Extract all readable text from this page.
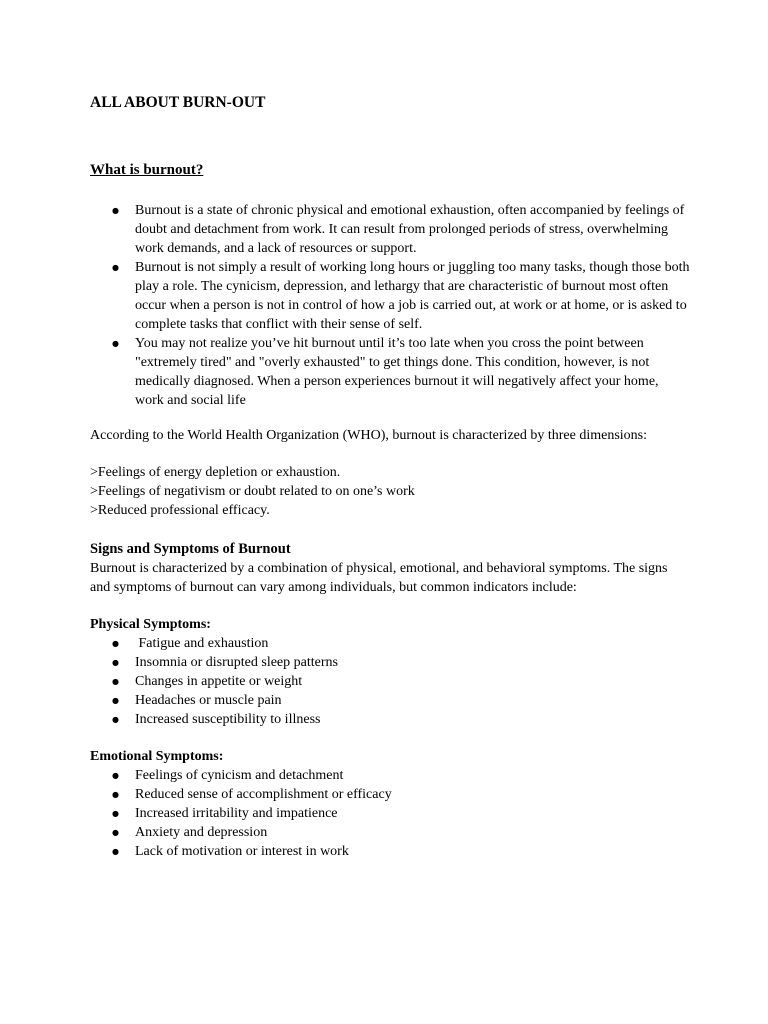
ALL ABOUT BURN-OUT
What is burnout?
● Burnout is a state of chronic physical and emotional exhaustion, often accompanied by feelings of doubt and detachment from work. It can result from prolonged periods of stress, overwhelming work demands, and a lack of resources or support.
● Burnout is not simply a result of working long hours or juggling too many tasks, though those both play a role. The cynicism, depression, and lethargy that are characteristic of burnout most often occur when a person is not in control of how a job is carried out, at work or at home, or is asked to complete tasks that conflict with their sense of self.
● You may not realize you’ve hit burnout until it’s too late when you cross the point between "extremely tired" and "overly exhausted" to get things done. This condition, however, is not medically diagnosed. When a person experiences burnout it will negatively affect your home, work and social life

According to the World Health Organization (WHO), burnout is characterized by three dimensions:

>Feelings of energy depletion or exhaustion.

>Feelings of negativism or doubt related to on one’s work

>Reduced professional efficacy.

Signs and Symptoms of Burnout

Burnout is characterized by a combination of physical, emotional, and behavioral symptoms. The signs and symptoms of burnout can vary among individuals, but common indicators include:

Physical Symptoms:

●  Fatigue and exhaustion
● Insomnia or disrupted sleep patterns
● Changes in appetite or weight
● Headaches or muscle pain
● Increased susceptibility to illness

Emotional Symptoms:

● Feelings of cynicism and detachment
● Reduced sense of accomplishment or efficacy
● Increased irritability and impatience
● Anxiety and depression
● Lack of motivation or interest in work
